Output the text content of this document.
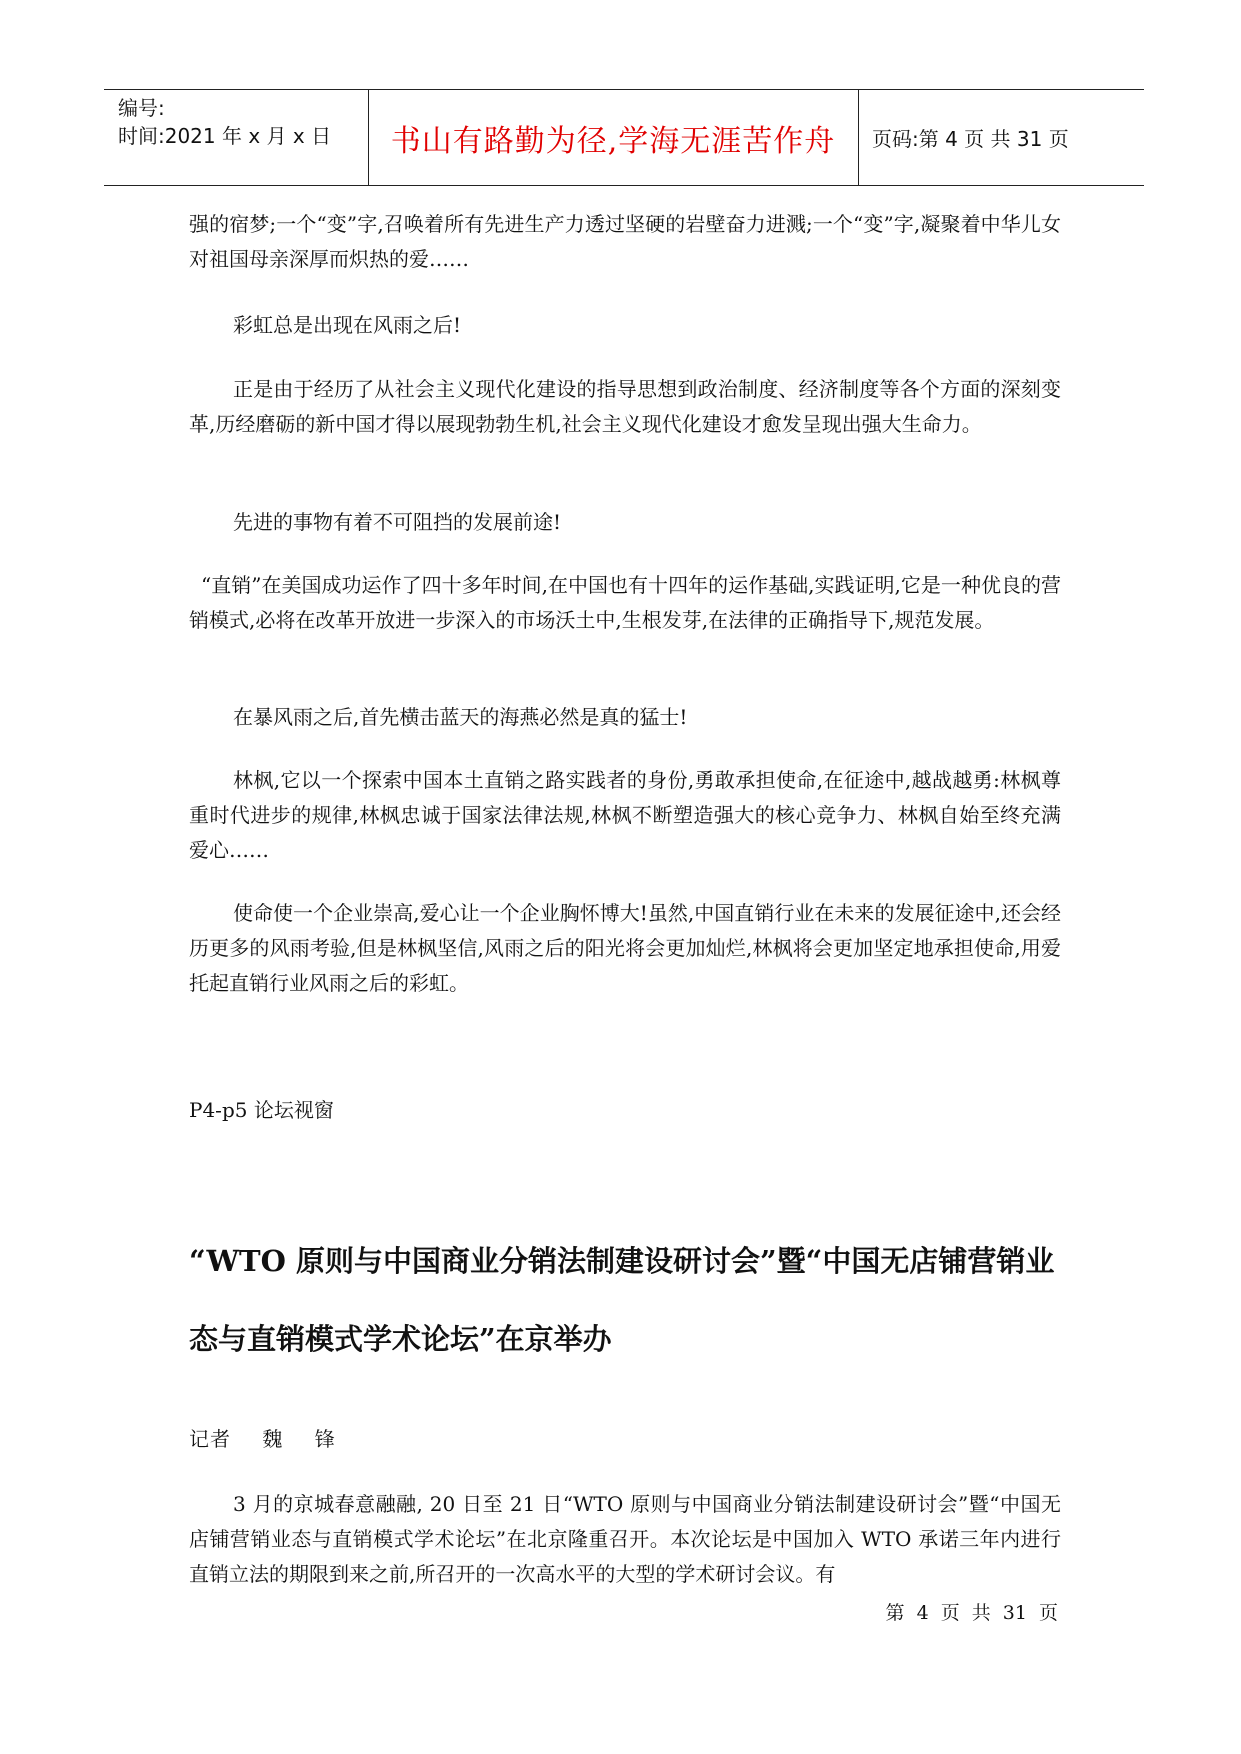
编号:
时间:2021 年 x 月 x 日	书山有路勤为径,学海无涯苦作舟	页码:第 4 页 共 31 页

强的宿梦;一个“变”字,召唤着所有先进生产力透过坚硬的岩壁奋力进溅;一个“变”字,凝聚着中华儿女对祖国母亲深厚而炽热的爱……

彩虹总是出现在风雨之后!

正是由于经历了从社会主义现代化建设的指导思想到政治制度、经济制度等各个方面的深刻变革,历经磨砺的新中国才得以展现勃勃生机,社会主义现代化建设才愈发呈现出强大生命力。

先进的事物有着不可阻挡的发展前途!

“直销”在美国成功运作了四十多年时间,在中国也有十四年的运作基础,实践证明,它是一种优良的营销模式,必将在改革开放进一步深入的市场沃土中,生根发芽,在法律的正确指导下,规范发展。

在暴风雨之后,首先横击蓝天的海燕必然是真的猛士!

林枫,它以一个探索中国本土直销之路实践者的身份,勇敢承担使命,在征途中,越战越勇:林枫尊重时代进步的规律,林枫忠诚于国家法律法规,林枫不断塑造强大的核心竞争力、林枫自始至终充满爱心……

使命使一个企业崇高,爱心让一个企业胸怀博大!虽然,中国直销行业在未来的发展征途中,还会经历更多的风雨考验,但是林枫坚信,风雨之后的阳光将会更加灿烂,林枫将会更加坚定地承担使命,用爱托起直销行业风雨之后的彩虹。

P4-p5 论坛视窗
“WTO 原则与中国商业分销法制建设研讨会”暨“中国无店铺营销业态与直销模式学术论坛”在京举办
记者 魏 锋

3 月的京城春意融融, 20 日至 21 日“WTO 原则与中国商业分销法制建设研讨会”暨“中国无店铺营销业态与直销模式学术论坛”在北京隆重召开。本次论坛是中国加入 WTO 承诺三年内进行直销立法的期限到来之前,所召开的一次高水平的大型的学术研讨会议。有

第 4 页 共 31 页
